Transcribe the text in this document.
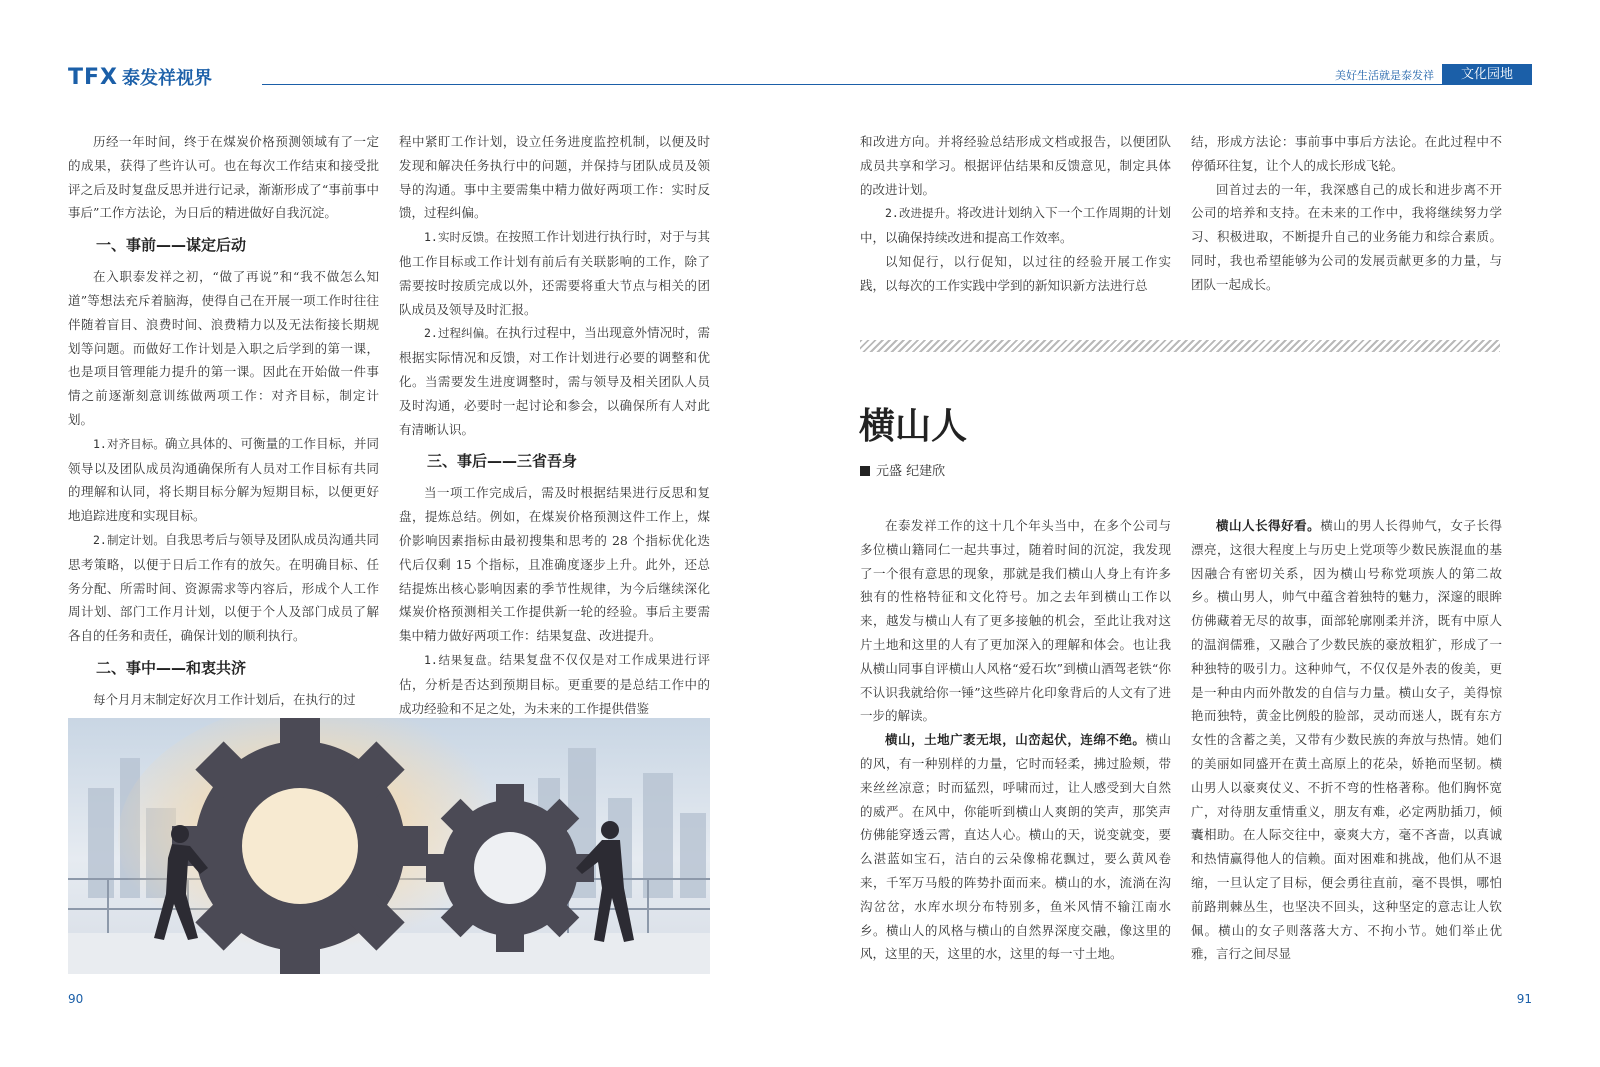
TFX 泰发祥视界	美好生活就是泰发祥	文化园地

历经一年时间，终于在煤炭价格预测领域有了一定的成果，获得了些许认可。也在每次工作结束和接受批评之后及时复盘反思并进行记录，渐渐形成了“事前事中事后”工作方法论，为日后的精进做好自我沉淀。

一、事前——谋定后动

在入职泰发祥之初，“做了再说”和“我不做怎么知道”等想法充斥着脑海，使得自己在开展一项工作时往往伴随着盲目、浪费时间、浪费精力以及无法衔接长期规划等问题。而做好工作计划是入职之后学到的第一课，也是项目管理能力提升的第一课。因此在开始做一件事情之前逐渐刻意训练做两项工作：对齐目标，制定计划。

1.对齐目标。确立具体的、可衡量的工作目标，并同领导以及团队成员沟通确保所有人员对工作目标有共同的理解和认同，将长期目标分解为短期目标，以便更好地追踪进度和实现目标。

2.制定计划。自我思考后与领导及团队成员沟通共同思考策略，以便于日后工作有的放矢。在明确目标、任务分配、所需时间、资源需求等内容后，形成个人工作周计划、部门工作月计划，以便于个人及部门成员了解各自的任务和责任，确保计划的顺利执行。

二、事中——和衷共济

每个月月末制定好次月工作计划后，在执行的过

程中紧盯工作计划，设立任务进度监控机制，以便及时发现和解决任务执行中的问题，并保持与团队成员及领导的沟通。事中主要需集中精力做好两项工作：实时反馈，过程纠偏。

1.实时反馈。在按照工作计划进行执行时，对于与其他工作目标或工作计划有前后有关联影响的工作，除了需要按时按质完成以外，还需要将重大节点与相关的团队成员及领导及时汇报。

2.过程纠偏。在执行过程中，当出现意外情况时，需根据实际情况和反馈，对工作计划进行必要的调整和优化。当需要发生进度调整时，需与领导及相关团队人员及时沟通，必要时一起讨论和参会，以确保所有人对此有清晰认识。

三、事后——三省吾身

当一项工作完成后，需及时根据结果进行反思和复盘，提炼总结。例如，在煤炭价格预测这件工作上，煤价影响因素指标由最初搜集和思考的 28 个指标优化迭代后仅剩 15 个指标，且准确度逐步上升。此外，还总结提炼出核心影响因素的季节性规律，为今后继续深化煤炭价格预测相关工作提供新一轮的经验。事后主要需集中精力做好两项工作：结果复盘、改进提升。

1.结果复盘。结果复盘不仅仅是对工作成果进行评估，分析是否达到预期目标。更重要的是总结工作中的成功经验和不足之处，为未来的工作提供借鉴

和改进方向。并将经验总结形成文档或报告，以便团队成员共享和学习。根据评估结果和反馈意见，制定具体的改进计划。

2.改进提升。将改进计划纳入下一个工作周期的计划中，以确保持续改进和提高工作效率。

以知促行，以行促知，以过往的经验开展工作实践，以每次的工作实践中学到的新知识新方法进行总

结，形成方法论：事前事中事后方法论。在此过程中不停循环往复，让个人的成长形成飞轮。

回首过去的一年，我深感自己的成长和进步离不开公司的培养和支持。在未来的工作中，我将继续努力学习、积极进取，不断提升自己的业务能力和综合素质。同时，我也希望能够为公司的发展贡献更多的力量，与团队一起成长。

横山人
元盛 纪建欣

在泰发祥工作的这十几个年头当中，在多个公司与多位横山籍同仁一起共事过，随着时间的沉淀，我发现了一个很有意思的现象，那就是我们横山人身上有许多独有的性格特征和文化符号。加之去年到横山工作以来，越发与横山人有了更多接触的机会，至此让我对这片土地和这里的人有了更加深入的理解和体会。也让我从横山同事自评横山人风格“爱石坎”到横山酒驾老铁“你不认识我就给你一锤”这些碎片化印象背后的人文有了进一步的解读。

横山，土地广袤无垠，山峦起伏，连绵不绝。横山的风，有一种别样的力量，它时而轻柔，拂过脸颊，带来丝丝凉意；时而猛烈，呼啸而过，让人感受到大自然的威严。在风中，你能听到横山人爽朗的笑声，那笑声仿佛能穿透云霄，直达人心。横山的天，说变就变，要么湛蓝如宝石，洁白的云朵像棉花飘过，要么黄风卷来，千军万马般的阵势扑面而来。横山的水，流淌在沟沟岔岔，水库水坝分布特别多，鱼米风情不输江南水乡。横山人的风格与横山的自然界深度交融，像这里的风，这里的天，这里的水，这里的每一寸土地。

横山人长得好看。横山的男人长得帅气，女子长得漂亮，这很大程度上与历史上党项等少数民族混血的基因融合有密切关系，因为横山号称党项族人的第二故乡。横山男人，帅气中蕴含着独特的魅力，深邃的眼眸仿佛藏着无尽的故事，面部轮廓刚柔并济，既有中原人的温润儒雅，又融合了少数民族的豪放粗犷，形成了一种独特的吸引力。这种帅气，不仅仅是外表的俊美，更是一种由内而外散发的自信与力量。横山女子，美得惊艳而独特，黄金比例般的脸部，灵动而迷人，既有东方女性的含蓄之美，又带有少数民族的奔放与热情。她们的美丽如同盛开在黄土高原上的花朵，娇艳而坚韧。横山男人以豪爽仗义、不折不弯的性格著称。他们胸怀宽广，对待朋友重情重义，朋友有难，必定两肋插刀，倾囊相助。在人际交往中，豪爽大方，毫不吝啬，以真诚和热情赢得他人的信赖。面对困难和挑战，他们从不退缩，一旦认定了目标，便会勇往直前，毫不畏惧，哪怕前路荆棘丛生，也坚决不回头，这种坚定的意志让人钦佩。横山的女子则落落大方、不拘小节。她们举止优雅，言行之间尽显

90	91
